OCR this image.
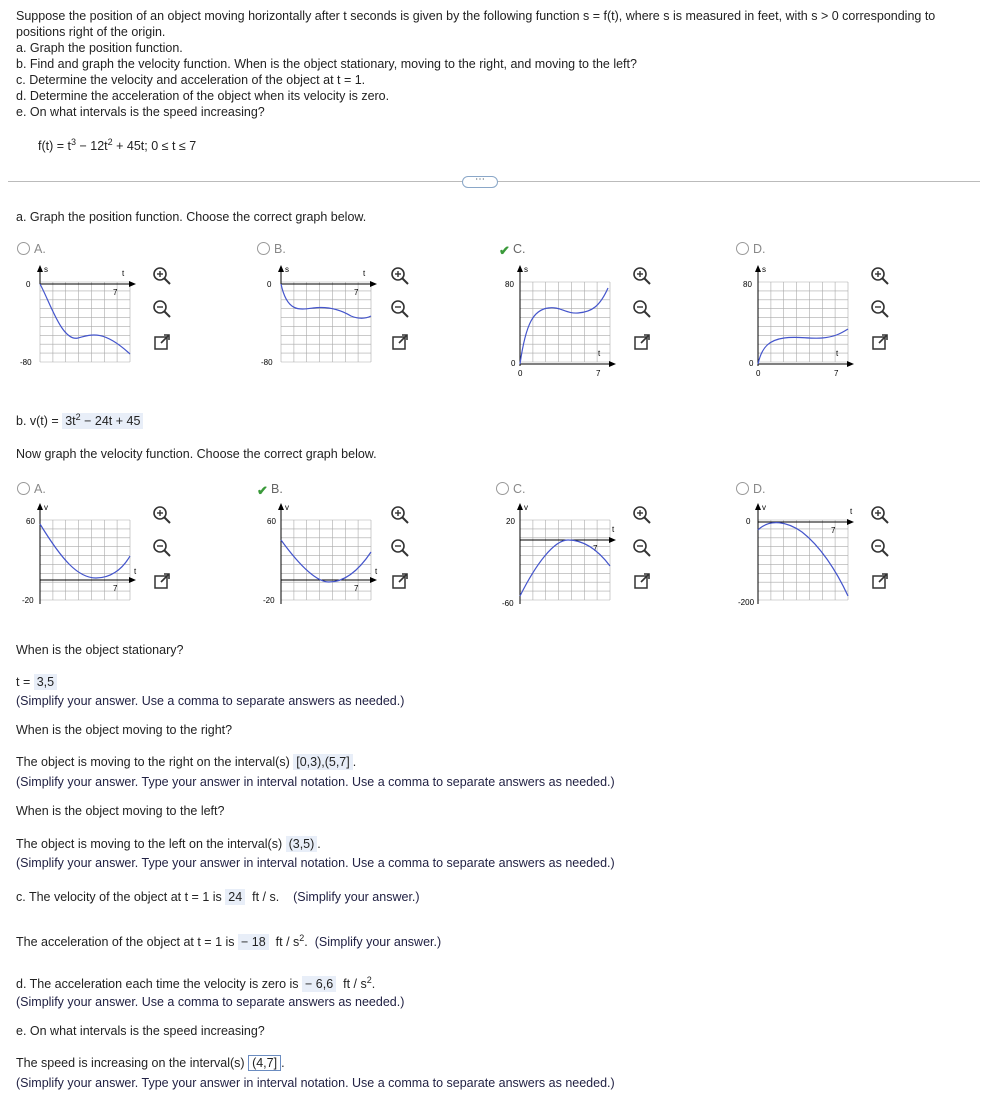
Suppose the position of an object moving horizontally after t seconds is given by the following function s = f(t), where s is measured in feet, with s > 0 corresponding to positions right of the origin.
a. Graph the position function.
b. Find and graph the velocity function. When is the object stationary, moving to the right, and moving to the left?
c. Determine the velocity and acceleration of the object at t = 1.
d. Determine the acceleration of the object when its velocity is zero.
e. On what intervals is the speed increasing?
$f(t) = t^3 - 12t^2 + 45t$; 0 ≤ t ≤ 7
⋯
a. Graph the position function. Choose the correct graph below.
A.	B.	✔ C.	D.
s	t
0
-80
7
s	t
0
-80
7
s
t
80
0
0	7
s
t
80
0
0	7
b. $v(t) = 3t^2 - 24t + 45$
Now graph the velocity function. Choose the correct graph below.
A.	✔ B.	C.	D.
v
t
60
-20
7
v
t
60
-20
7
v
t
20
-60
7
v	t
0
-200
7
When is the object stationary?
t = 3,5
(Simplify your answer. Use a comma to separate answers as needed.)
When is the object moving to the right?
The object is moving to the right on the interval(s) [0,3),(5,7] .
(Simplify your answer. Type your answer in interval notation. Use a comma to separate answers as needed.)
When is the object moving to the left?
The object is moving to the left on the interval(s) (3,5) .
(Simplify your answer. Type your answer in interval notation. Use a comma to separate answers as needed.)
c. The velocity of the object at t = 1 is 24 ft / s. (Simplify your answer.)
The acceleration of the object at t = 1 is − 18 ft / $s^2$.  (Simplify your answer.)
d. The acceleration each time the velocity is zero is − 6,6 ft / $s^2$.
(Simplify your answer. Use a comma to separate answers as needed.)
e. On what intervals is the speed increasing?
The speed is increasing on the interval(s) (4,7] .
(Simplify your answer. Type your answer in interval notation. Use a comma to separate answers as needed.)
